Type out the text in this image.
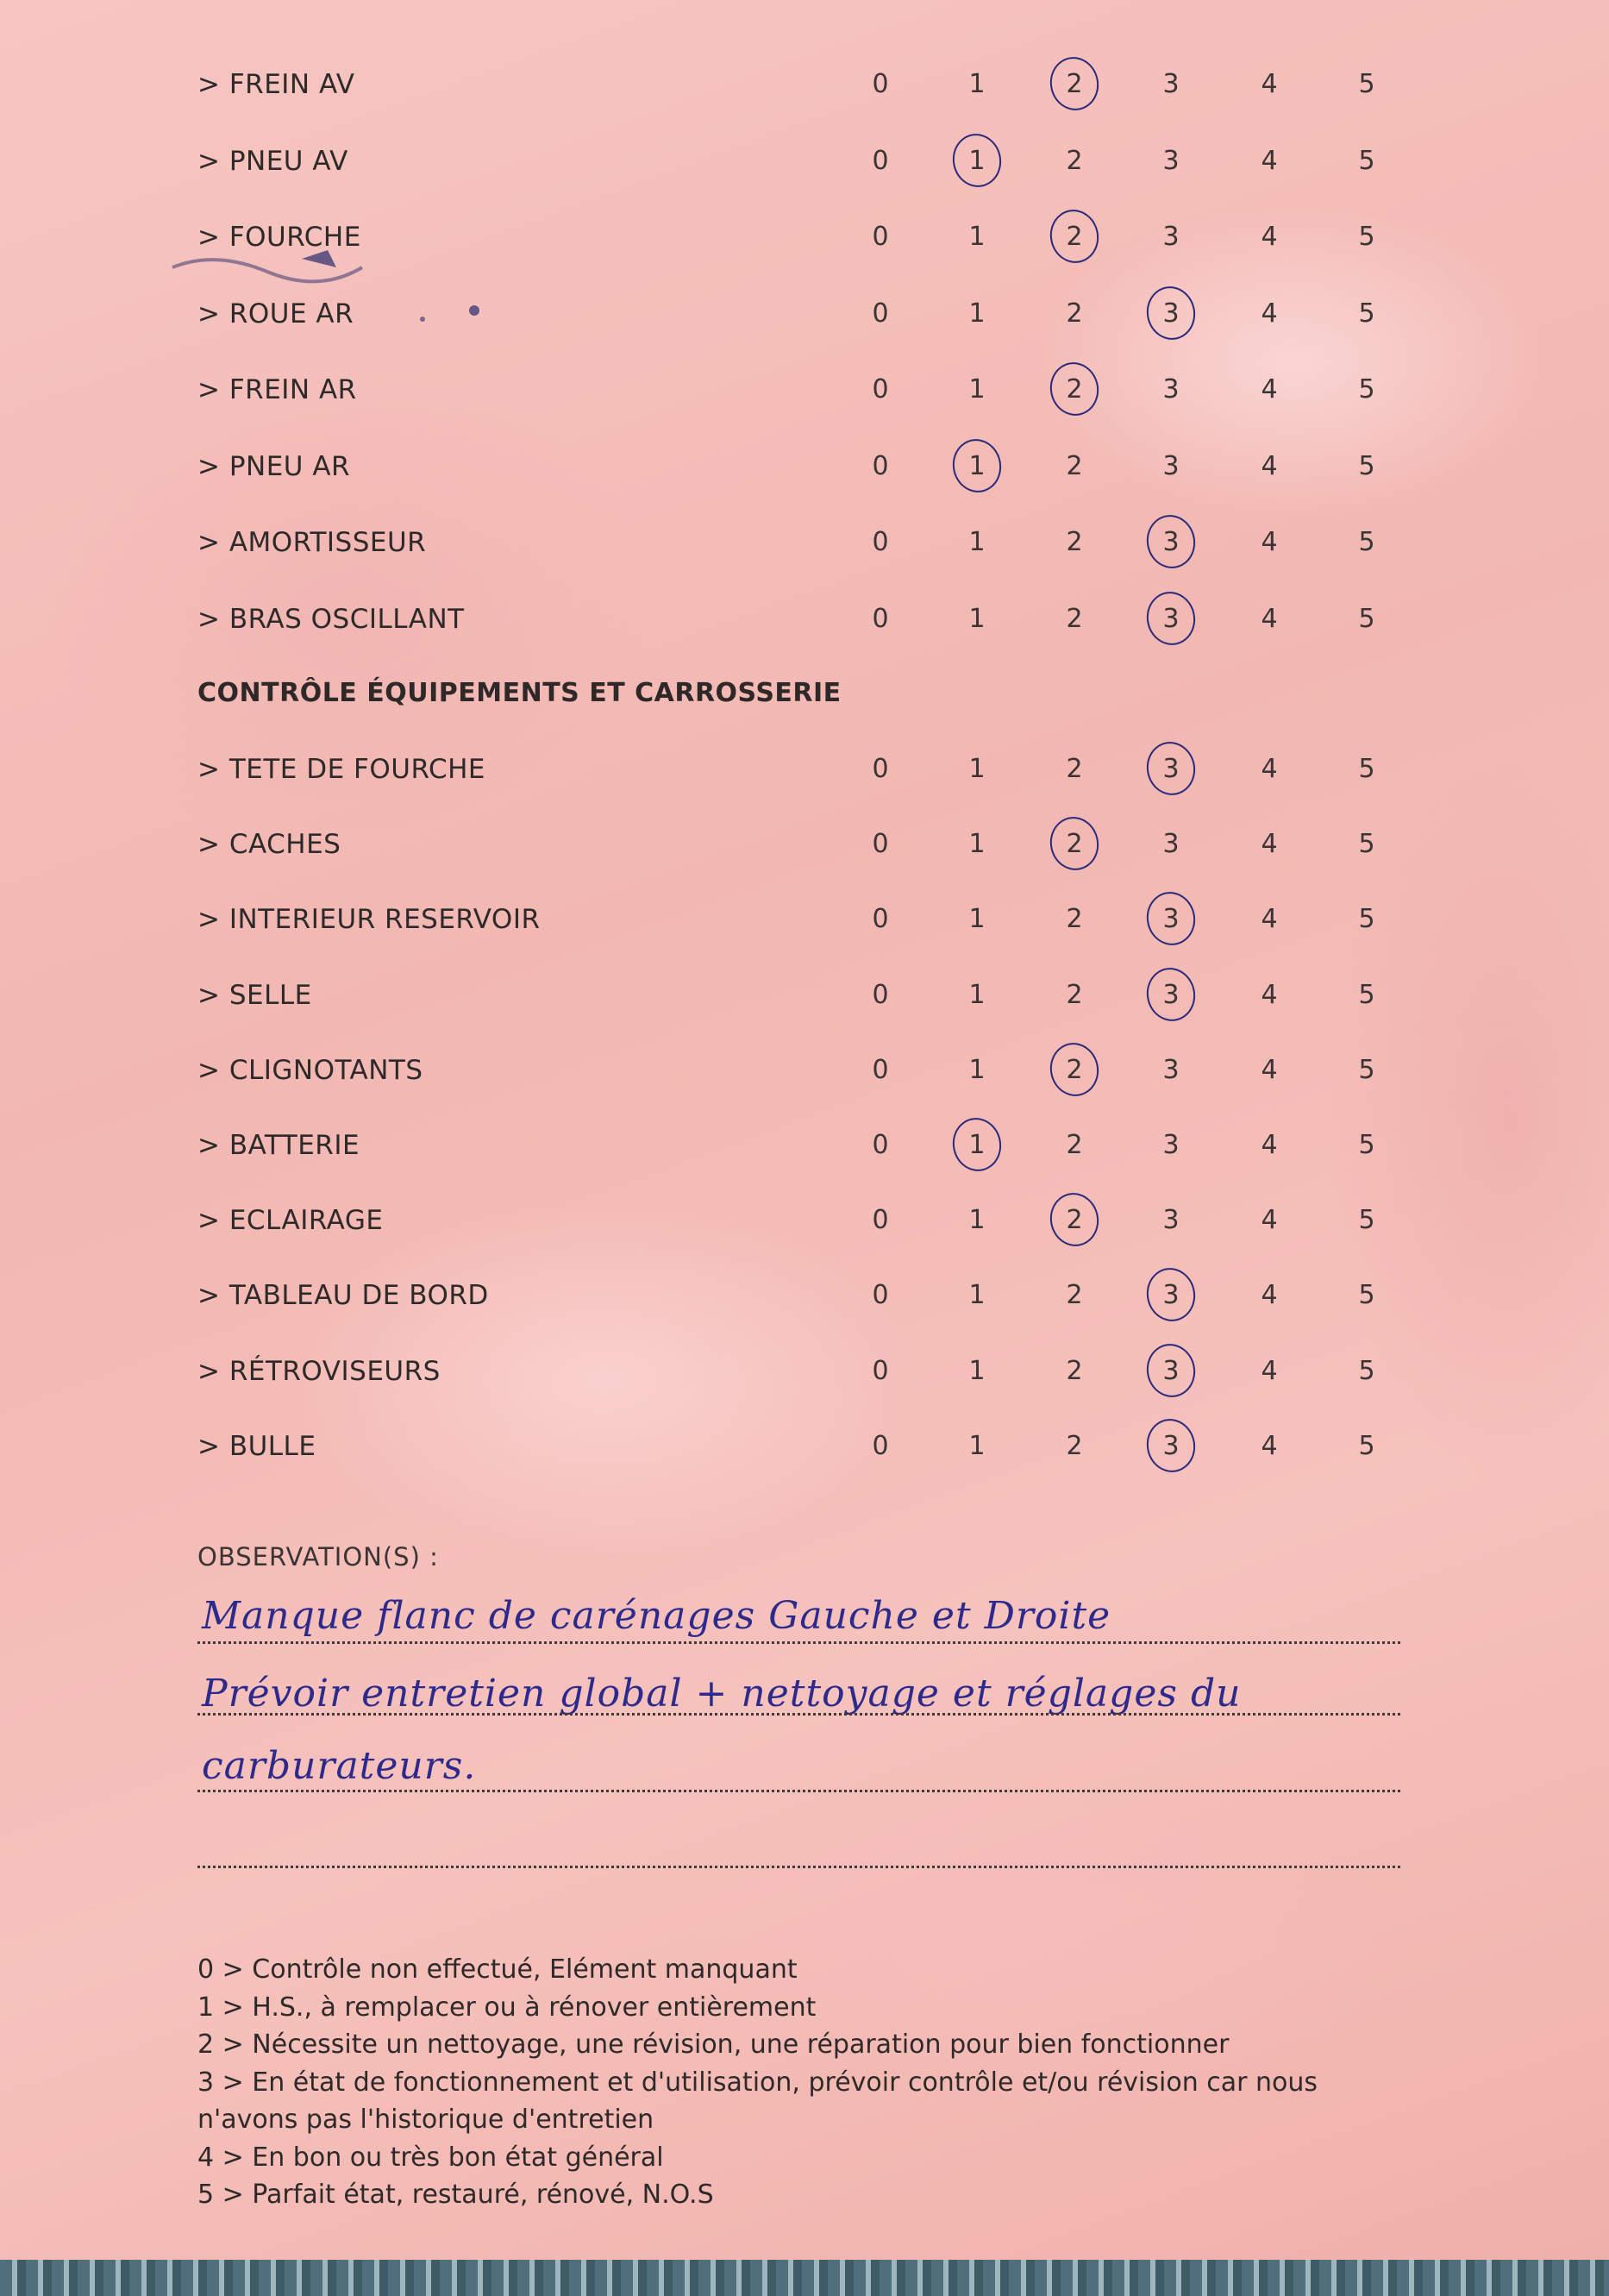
> FREIN AV	0	1	2	3	4	5
> PNEU AV	0	1	2	3	4	5
> FOURCHE	0	1	2	3	4	5
> ROUE AR	0	1	2	3	4	5
> FREIN AR	0	1	2	3	4	5
> PNEU AR	0	1	2	3	4	5
> AMORTISSEUR	0	1	2	3	4	5
> BRAS OSCILLANT	0	1	2	3	4	5
CONTRÔLE ÉQUIPEMENTS ET CARROSSERIE
> TETE DE FOURCHE	0	1	2	3	4	5
> CACHES	0	1	2	3	4	5
> INTERIEUR RESERVOIR	0	1	2	3	4	5
> SELLE	0	1	2	3	4	5
> CLIGNOTANTS	0	1	2	3	4	5
> BATTERIE	0	1	2	3	4	5
> ECLAIRAGE	0	1	2	3	4	5
> TABLEAU DE BORD	0	1	2	3	4	5
> RÉTROVISEURS	0	1	2	3	4	5
> BULLE	0	1	2	3	4	5
OBSERVATION(S) :
Manque flanc de carénages Gauche et Droite
Prévoir entretien global + nettoyage et réglages du
carburateurs.
0 > Contrôle non effectué, Elément manquant
1 > H.S., à remplacer ou à rénover entièrement
2 > Nécessite un nettoyage, une révision, une réparation pour bien fonctionner
3 > En état de fonctionnement et d'utilisation, prévoir contrôle et/ou révision car nous n'avons pas l'historique d'entretien
4 > En bon ou très bon état général
5 > Parfait état, restauré, rénové, N.O.S
